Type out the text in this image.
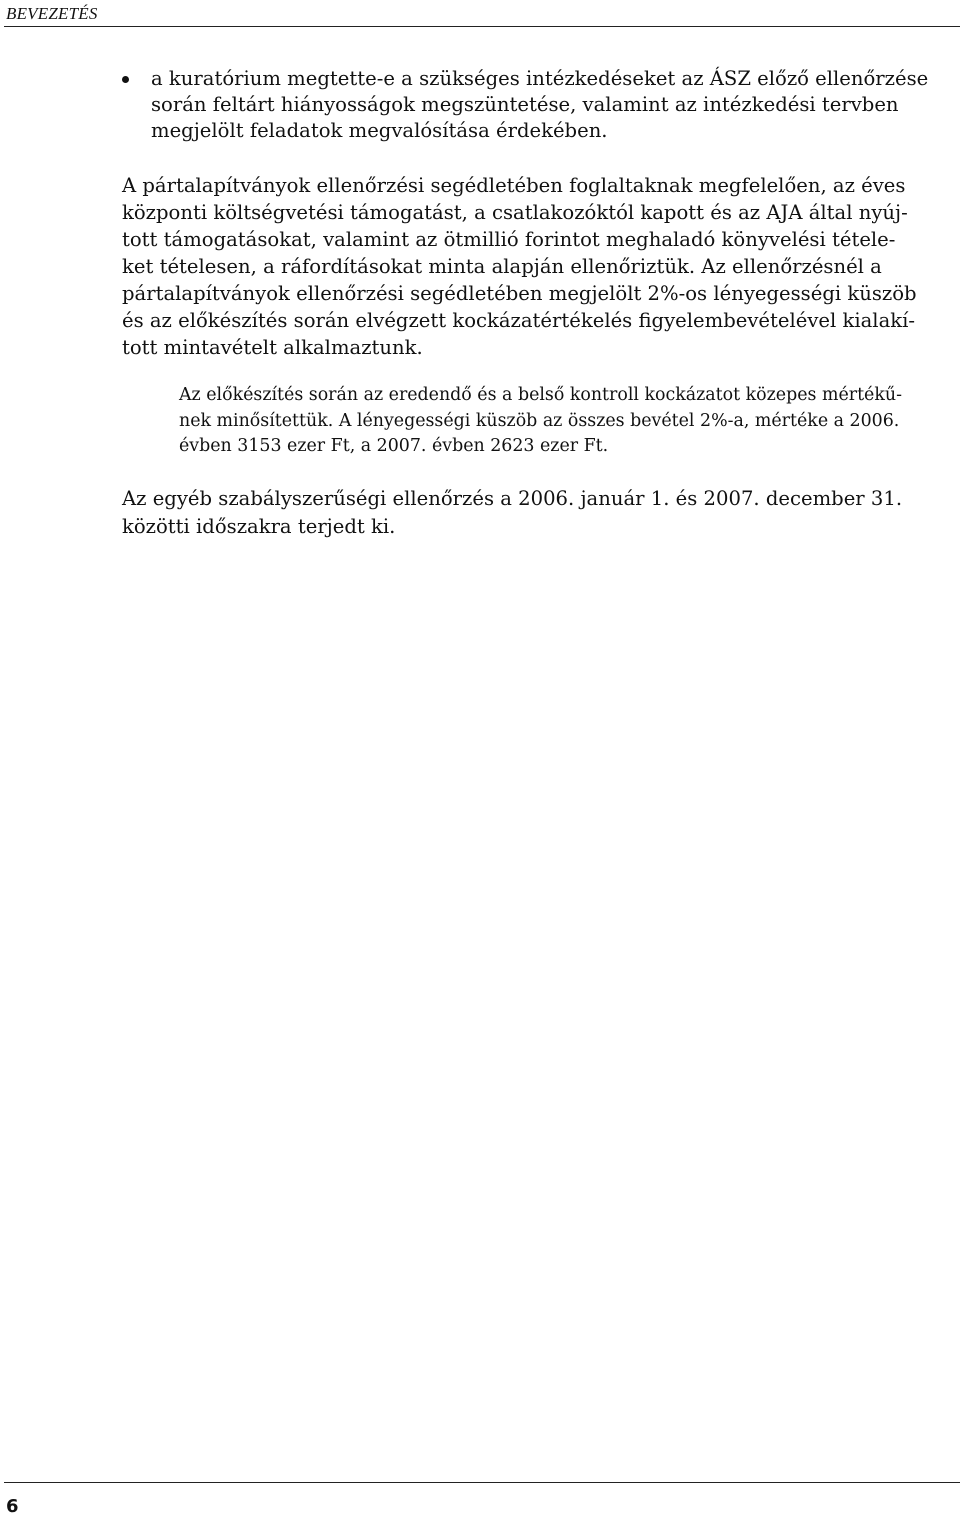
BEVEZETÉS
a kuratórium megtette-e a szükséges intézkedéseket az ÁSZ előző ellenőrzése
során feltárt hiányosságok megszüntetése, valamint az intézkedési tervben
megjelölt feladatok megvalósítása érdekében.
A pártalapítványok ellenőrzési segédletében foglaltaknak megfelelően, az éves
központi költségvetési támogatást, a csatlakozóktól kapott és az AJA által nyúj-
tott támogatásokat, valamint az ötmillió forintot meghaladó könyvelési tétele-
ket tételesen, a ráfordításokat minta alapján ellenőriztük. Az ellenőrzésnél a
pártalapítványok ellenőrzési segédletében megjelölt 2%-os lényegességi küszöb
és az előkészítés során elvégzett kockázatértékelés figyelembevételével kialakí-
tott mintavételt alkalmaztunk.
Az előkészítés során az eredendő és a belső kontroll kockázatot közepes mértékű-
nek minősítettük. A lényegességi küszöb az összes bevétel 2%-a, mértéke a 2006.
évben 3153 ezer Ft, a 2007. évben 2623 ezer Ft.
Az egyéb szabályszerűségi ellenőrzés a 2006. január 1. és 2007. december 31.
közötti időszakra terjedt ki.
6
